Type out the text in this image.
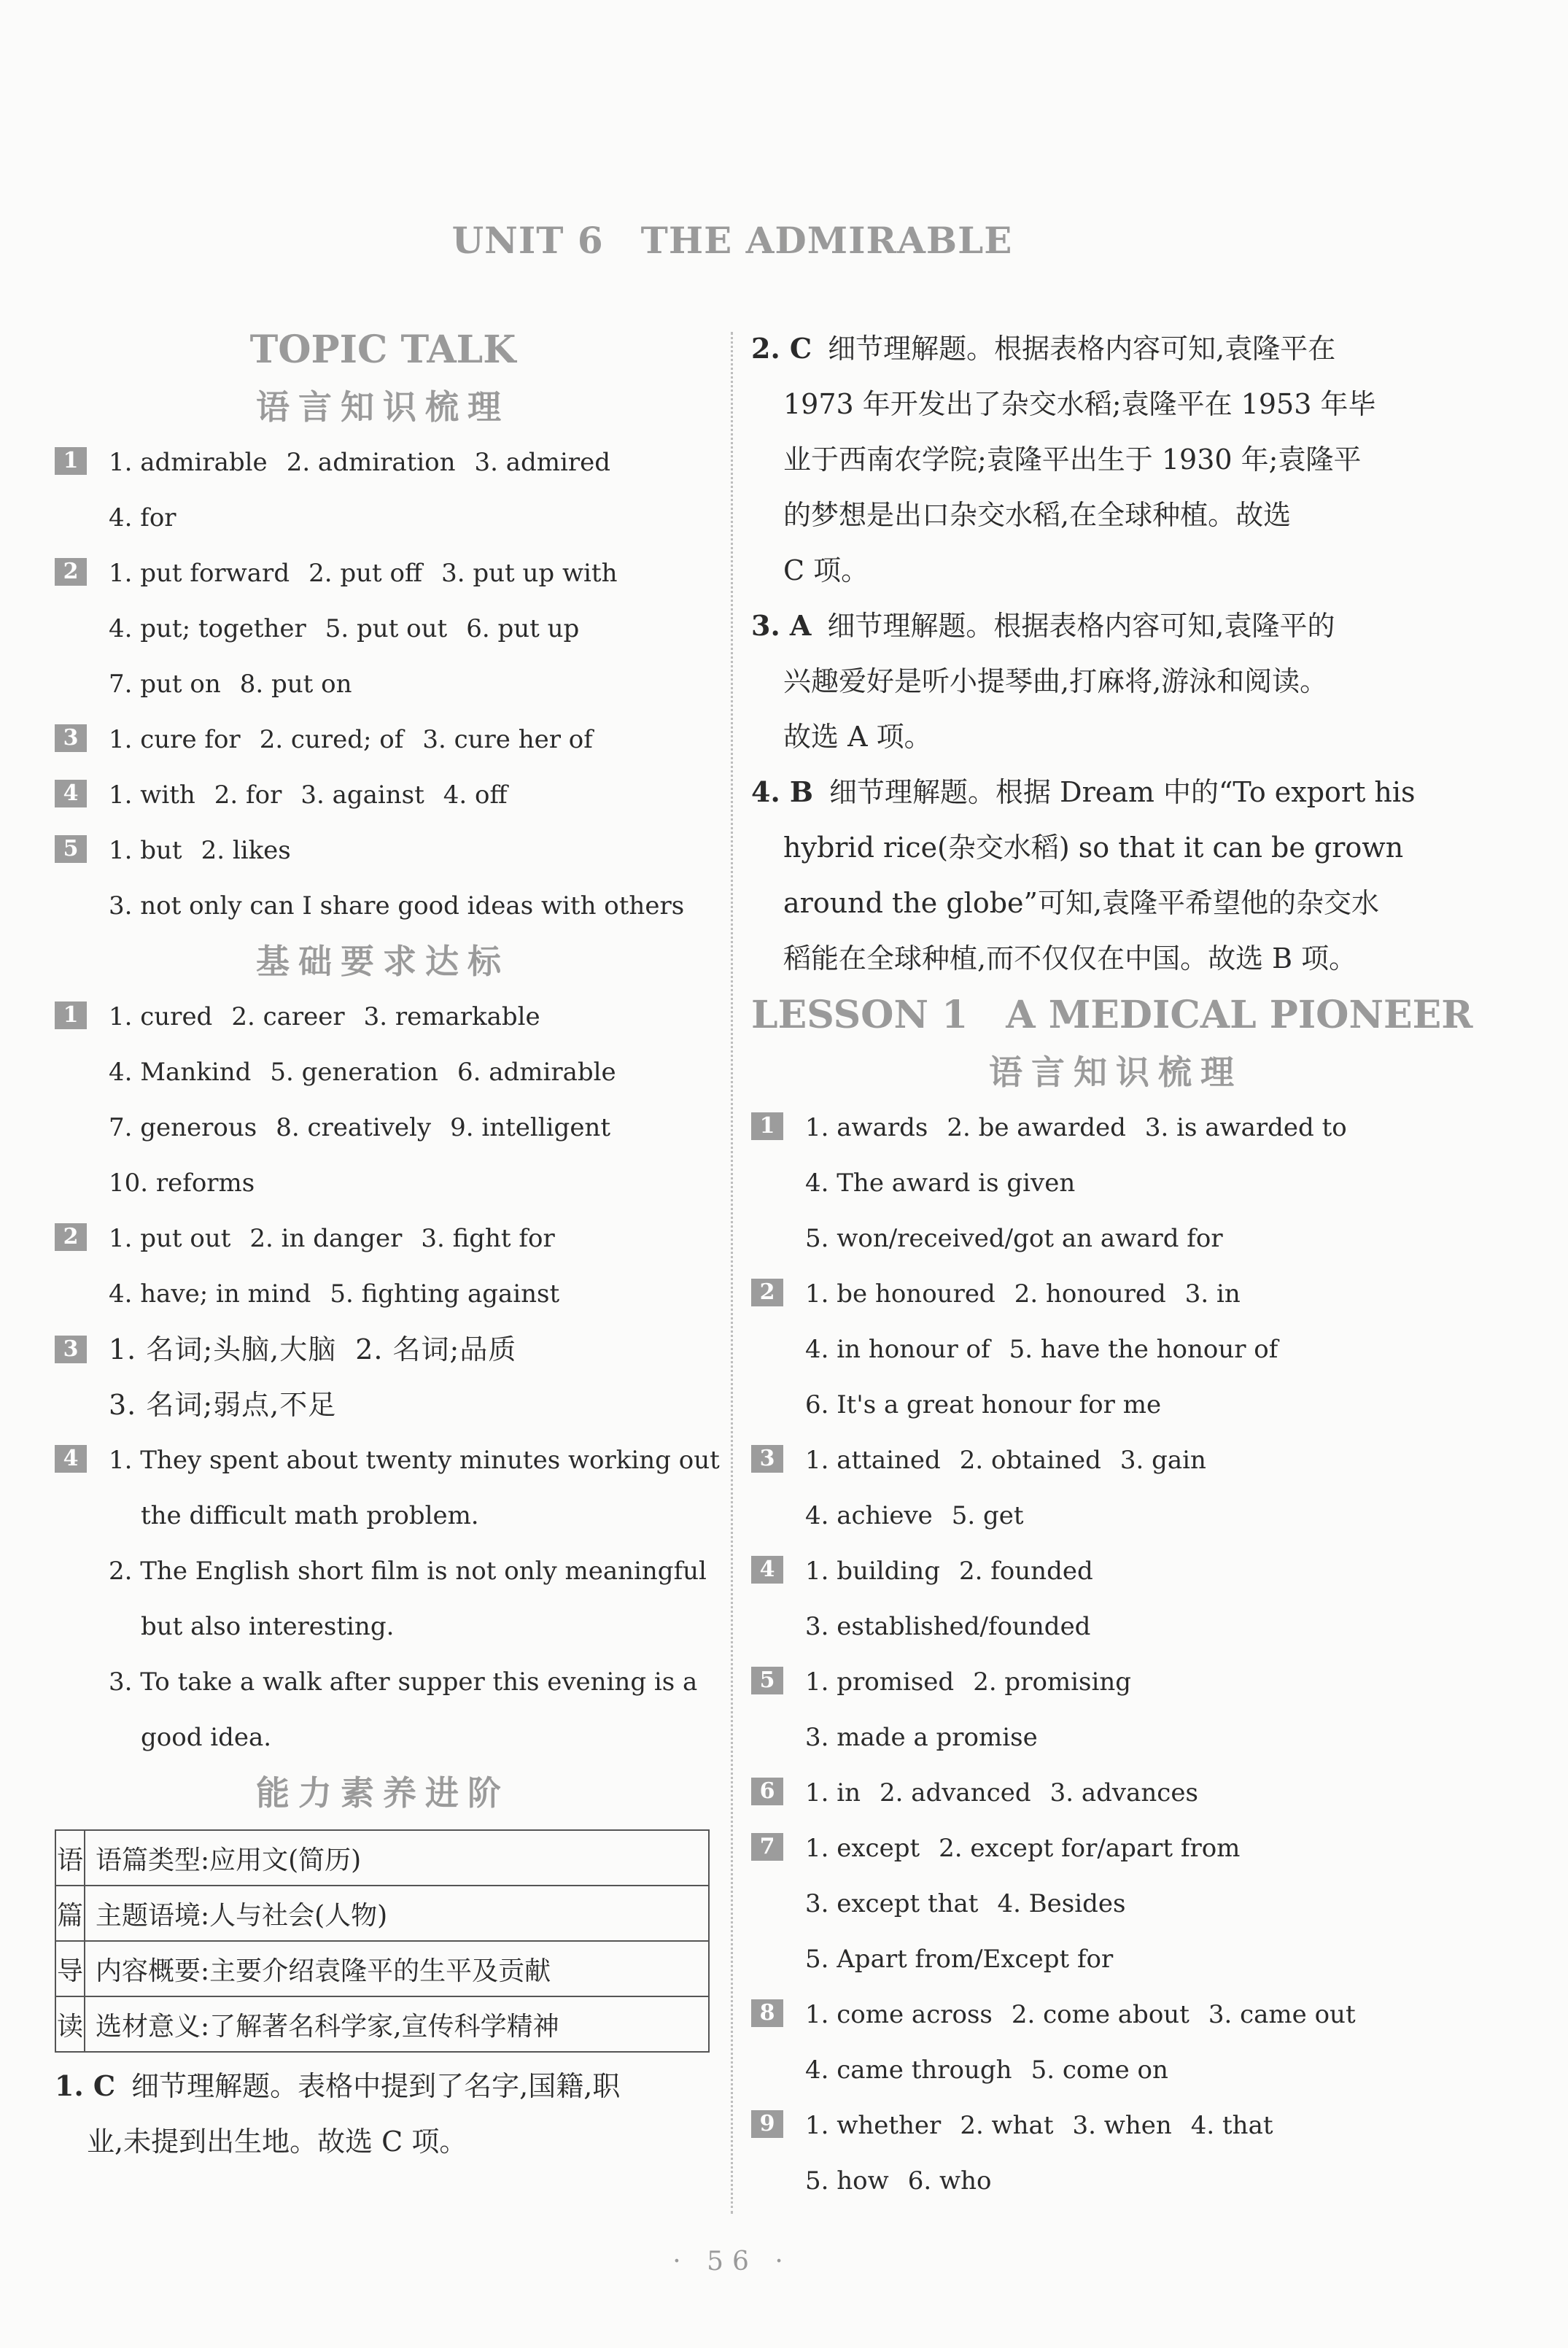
UNIT 6　THE ADMIRABLE
TOPIC TALK
语言知识梳理
1 1. admirable 2. admiration 3. admired
4. for
2 1. put forward 2. put off 3. put up with
4. put; together 5. put out 6. put up
7. put on 8. put on
3 1. cure for 2. cured; of 3. cure her of
4 1. with 2. for 3. against 4. off
5 1. but 2. likes
3. not only can I share good ideas with others
基础要求达标
1 1. cured 2. career 3. remarkable
4. Mankind 5. generation 6. admirable
7. generous 8. creatively 9. intelligent
10. reforms
2 1. put out 2. in danger 3. fight for
4. have; in mind 5. fighting against
3 1. 名词;头脑,大脑 2. 名词;品质
3. 名词;弱点,不足
4 1. They spent about twenty minutes working out
the difficult math problem.
2. The English short film is not only meaningful
but also interesting.
3. To take a walk after supper this evening is a
good idea.
能力素养进阶
语	语篇类型:应用文(简历)
篇	主题语境:人与社会(人物)
导	内容概要:主要介绍袁隆平的生平及贡献
读	选材意义:了解著名科学家,宣传科学精神
1. C 细节理解题。表格中提到了名字,国籍,职
业,未提到出生地。故选 C 项。
2. C 细节理解题。根据表格内容可知,袁隆平在
1973 年开发出了杂交水稻;袁隆平在 1953 年毕
业于西南农学院;袁隆平出生于 1930 年;袁隆平
的梦想是出口杂交水稻,在全球种植。故选
C 项。
3. A 细节理解题。根据表格内容可知,袁隆平的
兴趣爱好是听小提琴曲,打麻将,游泳和阅读。
故选 A 项。
4. B 细节理解题。根据 Dream 中的“To export his
hybrid rice(杂交水稻) so that it can be grown
around the globe”可知,袁隆平希望他的杂交水
稻能在全球种植,而不仅仅在中国。故选 B 项。
LESSON 1　A MEDICAL PIONEER
语言知识梳理
1 1. awards 2. be awarded 3. is awarded to
4. The award is given
5. won/received/got an award for
2 1. be honoured 2. honoured 3. in
4. in honour of 5. have the honour of
6. It's a great honour for me
3 1. attained 2. obtained 3. gain
4. achieve 5. get
4 1. building 2. founded
3. established/founded
5 1. promised 2. promising
3. made a promise
6 1. in 2. advanced 3. advances
7 1. except 2. except for/apart from
3. except that 4. Besides
5. Apart from/Except for
8 1. come across 2. come about 3. came out
4. came through 5. come on
9 1. whether 2. what 3. when 4. that
5. how 6. who
· 56 ·
